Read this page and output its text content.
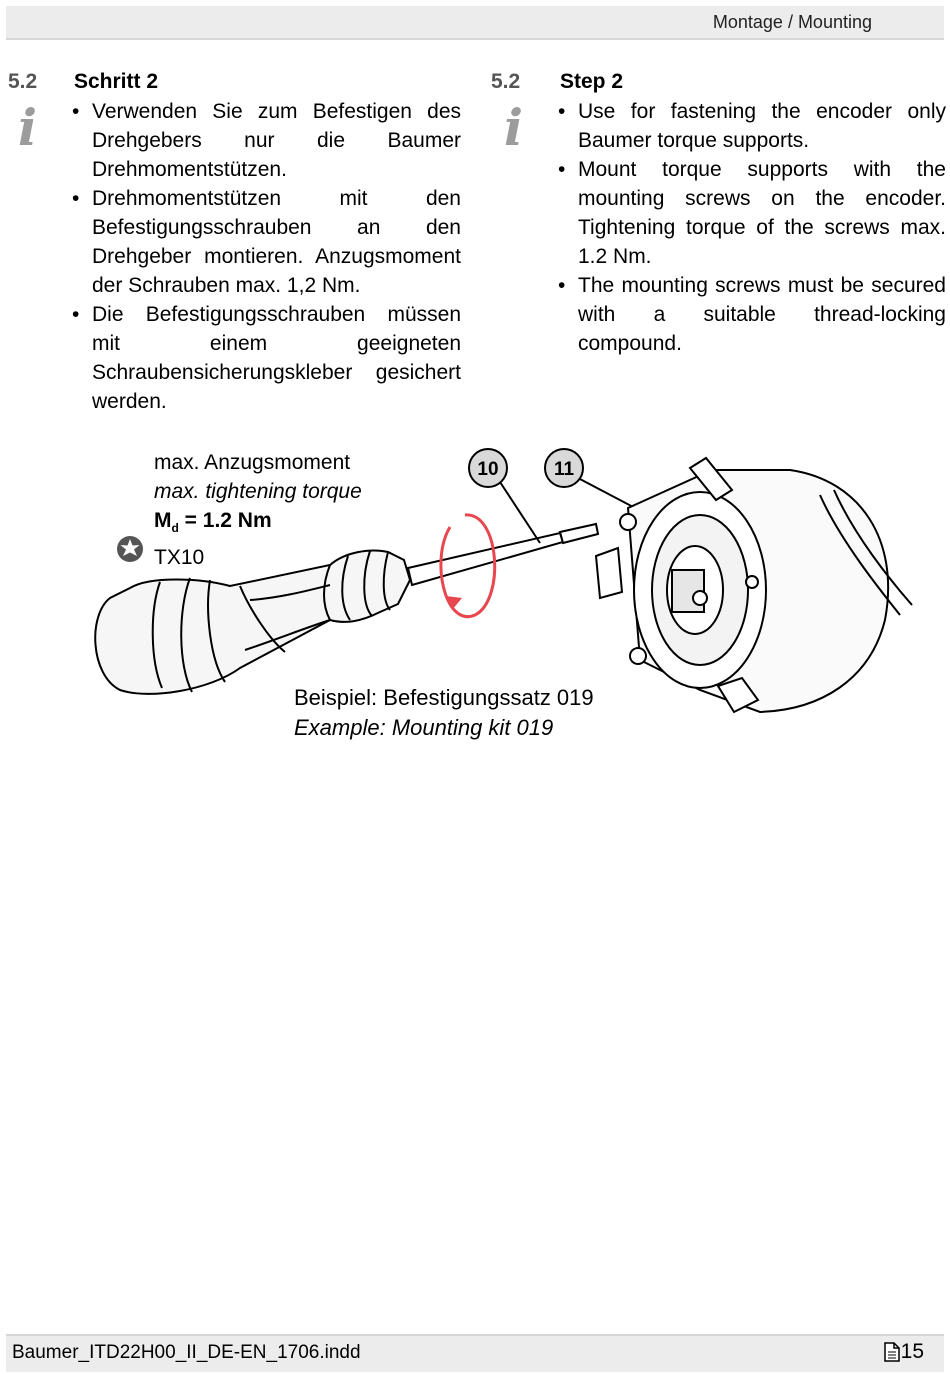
Montage / Mounting
5.2 Schritt 2
i	• Verwenden Sie zum Befestigen des Drehgebers nur die Baumer Drehmomentstützen.
• Drehmomentstützen mit den Befestigungsschrauben an den Drehgeber montieren. Anzugsmoment der Schrauben max. 1,2 Nm.
• Die Befestigungsschrauben müssen mit einem geeigneten Schraubensicherungskleber gesichert werden.
5.2 Step 2
i	• Use for fastening the encoder only Baumer torque supports.
• Mount torque supports with the mounting screws on the encoder. Tightening torque of the screws max. 1.2 Nm.
• The mounting screws must be secured with a suitable thread-locking compound.
10	11
max. Anzugsmoment
max. tightening torque
$M_d = 1.2$ Nm
TX10
Beispiel: Befestigungssatz 019
Example: Mounting kit 019
Baumer_ITD22H00_II_DE-EN_1706.indd	15
